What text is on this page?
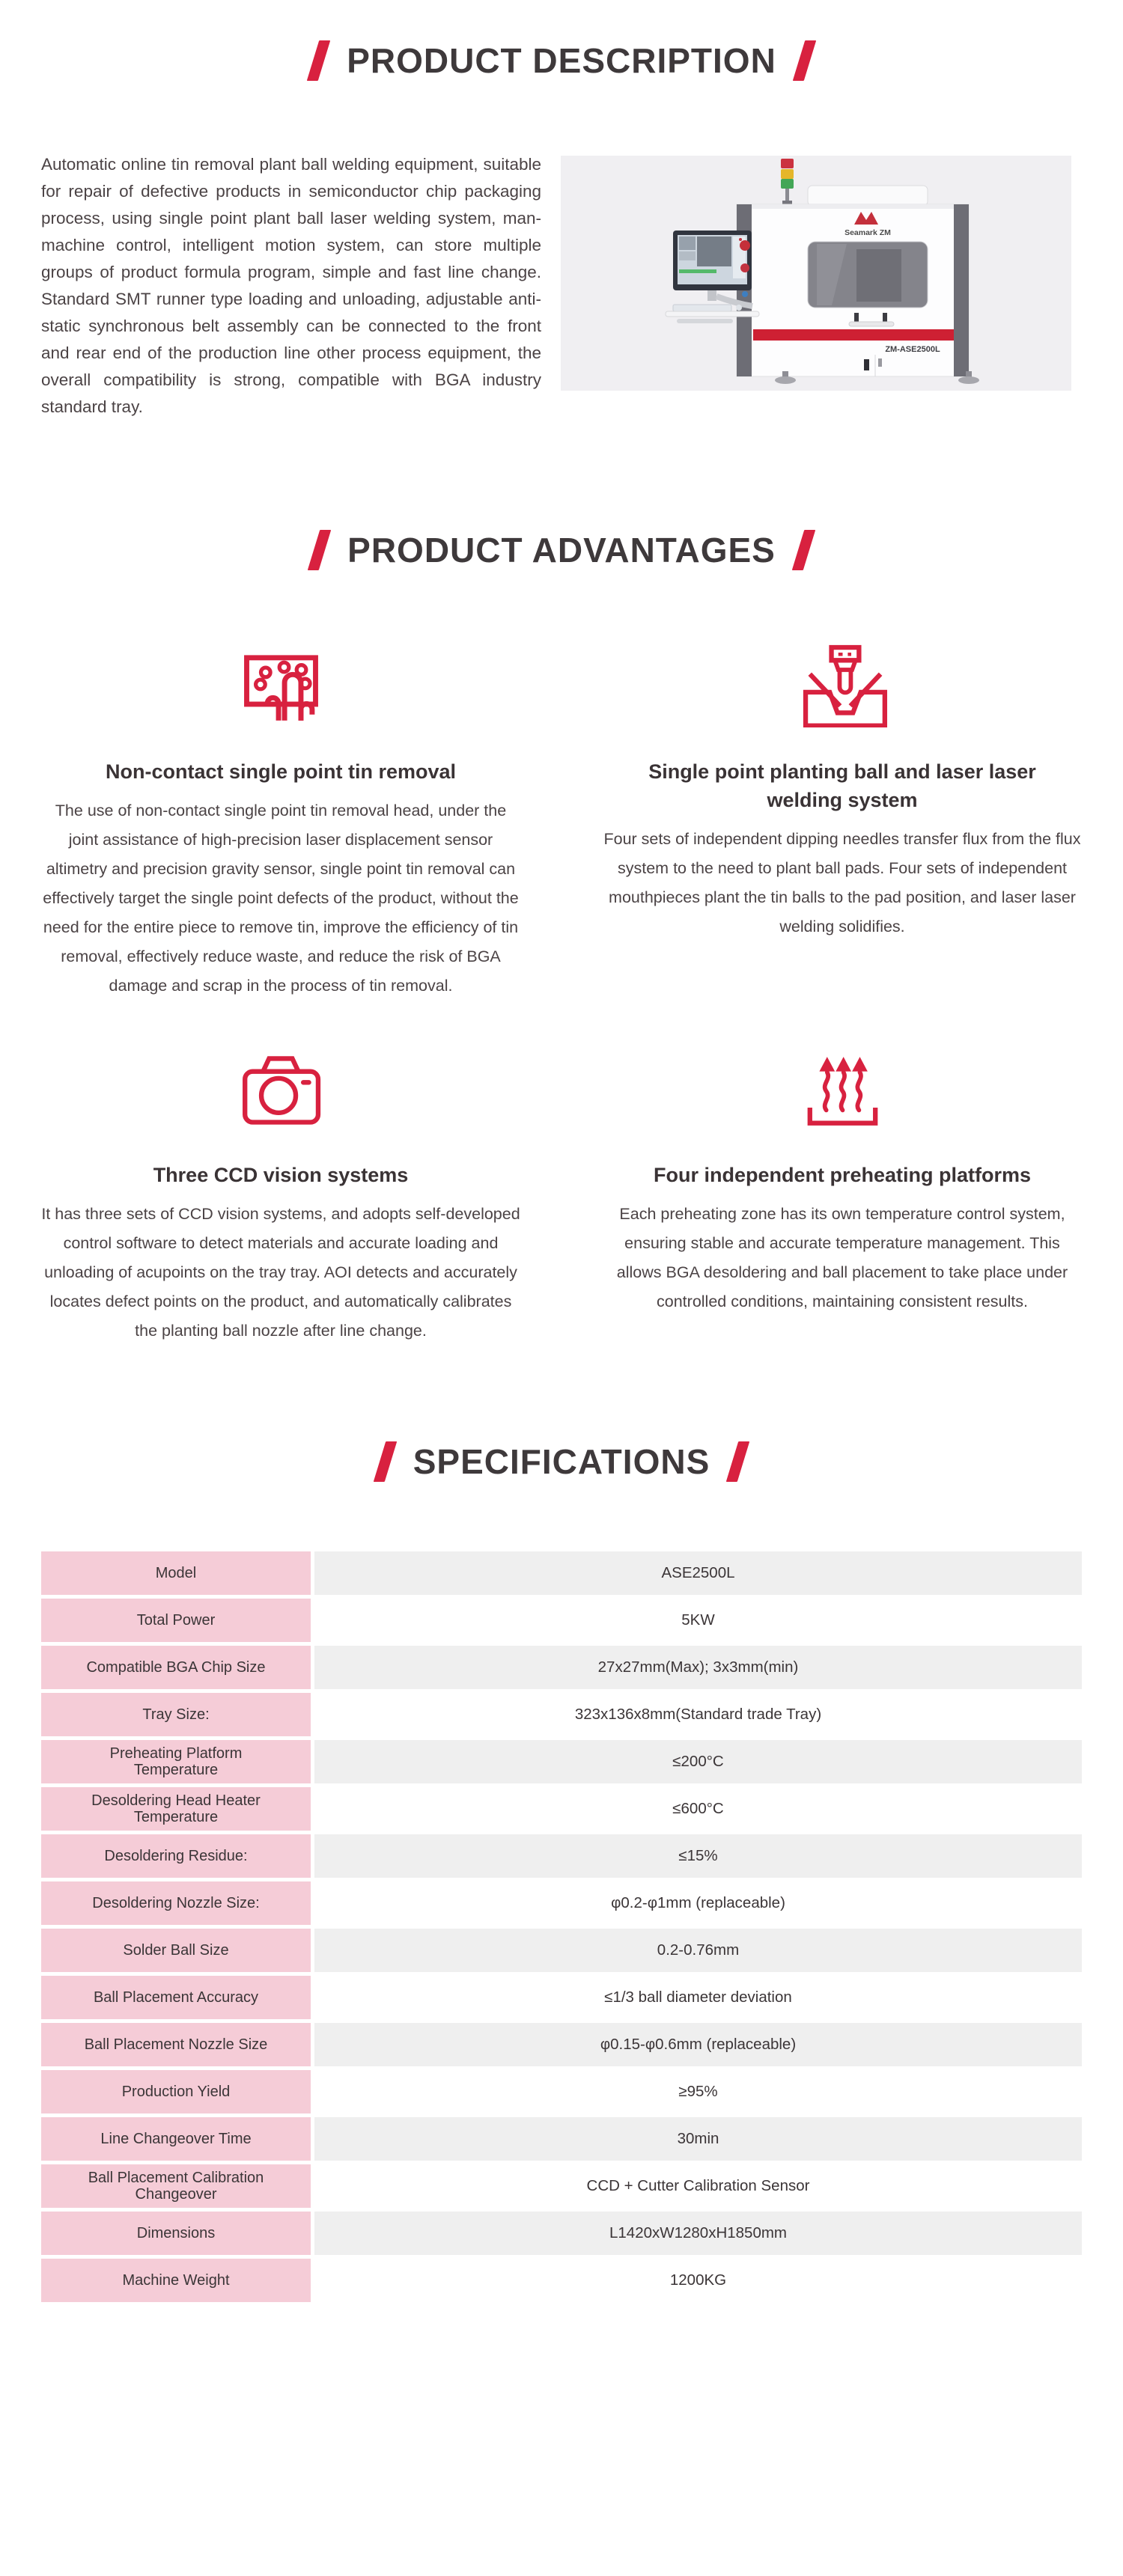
PRODUCT DESCRIPTION

Automatic online tin removal plant ball welding equipment, suitable for repair of defective products in semiconductor chip packaging process, using single point plant ball laser welding system, man-machine control, intelligent motion system, can store multiple groups of product formula program, simple and fast line change. Standard SMT runner type loading and unloading, adjustable anti-static synchronous belt assembly can be connected to the front and rear end of the production line other process equipment, the overall compatibility is strong, compatible with BGA industry standard tray.

Seamark ZM
ZM-ASE2500L
PRODUCT ADVANTAGES
Non-contact single point tin removal

The use of non-contact single point tin removal head, under the joint assistance of high-precision laser displacement sensor altimetry and precision gravity sensor, single point tin removal can effectively target the single point defects of the product, without the need for the entire piece to remove tin, improve the efficiency of tin removal, effectively reduce waste, and reduce the risk of BGA damage and scrap in the process of tin removal.

Single point planting ball and laser laser welding system

Four sets of independent dipping needles transfer flux from the flux system to the need to plant ball pads. Four sets of independent mouthpieces plant the tin balls to the pad position, and laser laser welding solidifies.

Three CCD vision systems

It has three sets of CCD vision systems, and adopts self-developed control software to detect materials and accurate loading and unloading of acupoints on the tray tray. AOI detects and accurately locates defect points on the product, and automatically calibrates the planting ball nozzle after line change.

Four independent preheating platforms

Each preheating zone has its own temperature control system, ensuring stable and accurate temperature management. This allows BGA desoldering and ball placement to take place under controlled conditions, maintaining consistent results.

SPECIFICATIONS
Model	ASE2500L
Total Power	5KW
Compatible BGA Chip Size	27x27mm(Max); 3x3mm(min)
Tray Size:	323x136x8mm(Standard trade Tray)
Preheating Platform Temperature	≤200°C
Desoldering Head Heater Temperature	≤600°C
Desoldering Residue:	≤15%
Desoldering Nozzle Size:	φ0.2-φ1mm (replaceable)
Solder Ball Size	0.2-0.76mm
Ball Placement Accuracy	≤1/3 ball diameter deviation
Ball Placement Nozzle Size	φ0.15-φ0.6mm (replaceable)
Production Yield	≥95%
Line Changeover Time	30min
Ball Placement Calibration Changeover	CCD + Cutter Calibration Sensor
Dimensions	L1420xW1280xH1850mm
Machine Weight	1200KG
